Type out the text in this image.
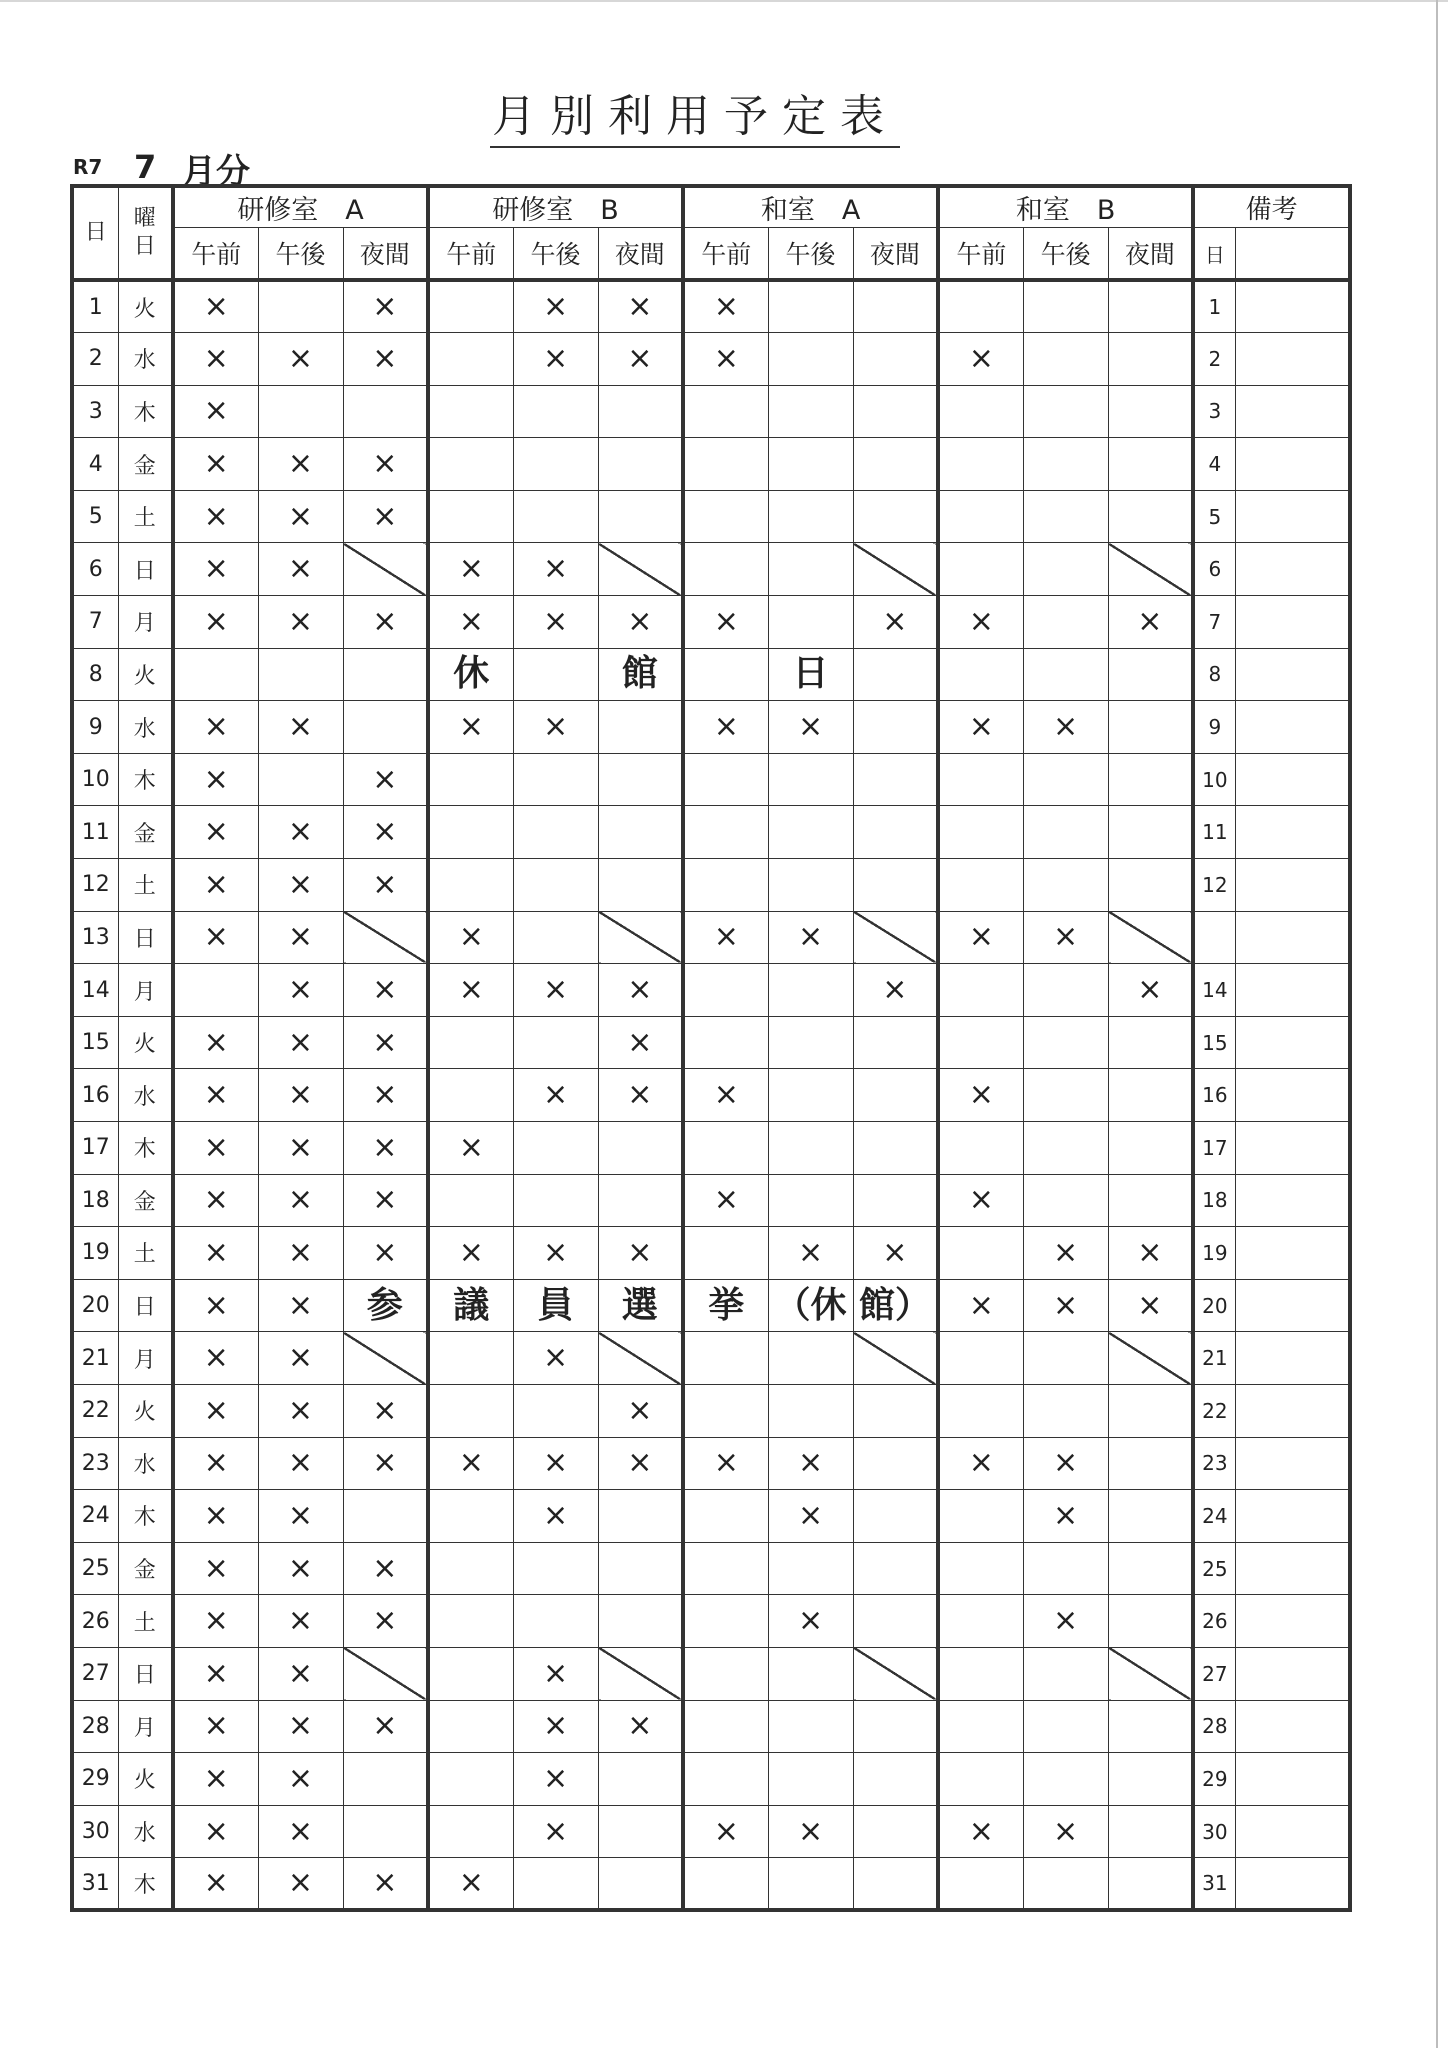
月別利用予定表
R7 7 月分
日	曜日	研修室　A			研修室　B			和室　A			和室　B			備考	
		午前	午後	夜間	午前	午後	夜間	午前	午後	夜間	午前	午後	夜間	日	
1	火	×		×		×	×	×						1	
2	水	×	×	×		×	×	×			×			2	
3	木	×												3	
4	金	×	×	×										4	
5	土	×	×	×										5	
6	日	×	×		×	×								6	
7	月	×	×	×	×	×	×	×		×	×		×	7	
8	火				休		館		日					8	
9	水	×	×		×	×		×	×		×	×		9	
10	木	×		×										10	
11	金	×	×	×										11	
12	土	×	×	×										12	
13	日	×	×		×			×	×		×	×			
14	月		×	×	×	×	×			×			×	14	
15	火	×	×	×			×							15	
16	水	×	×	×		×	×	×			×			16	
17	木	×	×	×	×									17	
18	金	×	×	×				×			×			18	
19	土	×	×	×	×	×	×		×	×		×	×	19	
20	日	×	×	参	議	員	選	挙	（休	館）	×	×	×	20	
21	月	×	×			×								21	
22	火	×	×	×			×							22	
23	水	×	×	×	×	×	×	×	×		×	×		23	
24	木	×	×			×			×			×		24	
25	金	×	×	×										25	
26	土	×	×	×					×			×		26	
27	日	×	×			×								27	
28	月	×	×	×		×	×							28	
29	火	×	×			×								29	
30	水	×	×			×		×	×		×	×		30	
31	木	×	×	×	×									31	
